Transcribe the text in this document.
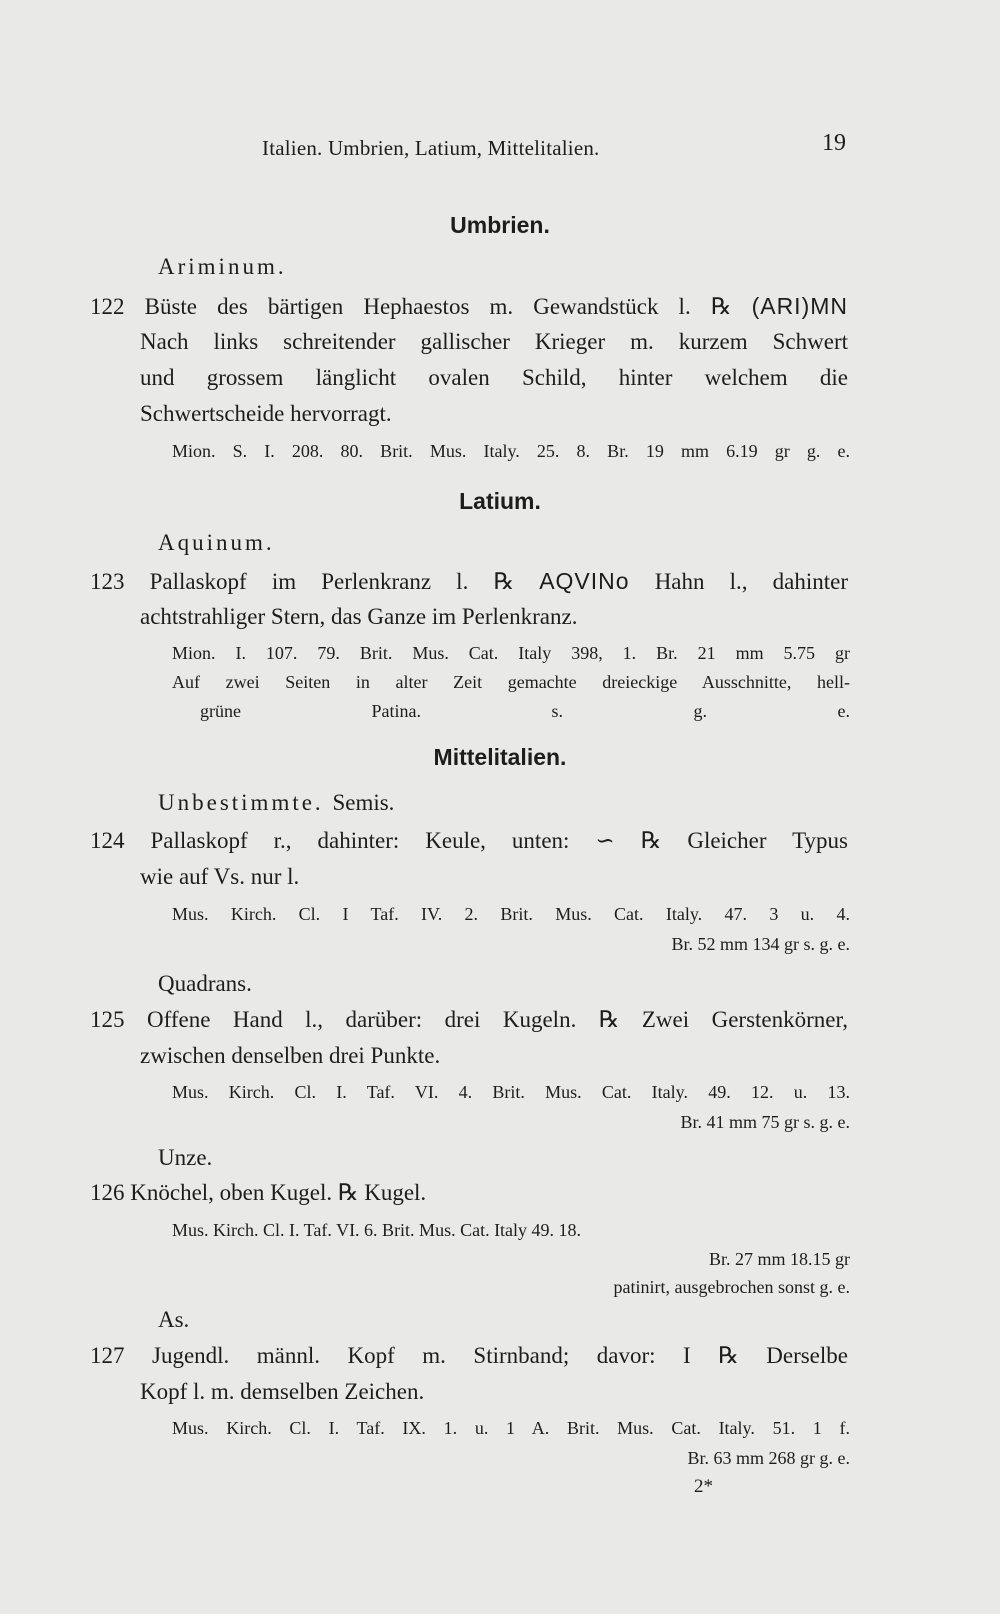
Italien. Umbrien, Latium, Mittelitalien.	19
Umbrien.
Ariminum.
122 Büste des bärtigen Hephaestos m. Gewandstück l. ℞ (ARI)MN
Nach links schreitender gallischer Krieger m. kurzem Schwert
und grossem länglicht ovalen Schild, hinter welchem die
Schwertscheide hervorragt.
Mion. S. I. 208. 80. Brit. Mus. Italy. 25. 8. Br. 19 mm 6.19 gr g. e.
Latium.
Aquinum.
123 Pallaskopf im Perlenkranz l. ℞ AQVINo Hahn l., dahinter
achtstrahliger Stern, das Ganze im Perlenkranz.
Mion. I. 107. 79. Brit. Mus. Cat. Italy 398, 1. Br. 21 mm 5.75 gr
Auf zwei Seiten in alter Zeit gemachte dreieckige Ausschnitte, hell-
grüne Patina.	s. g. e.
Mittelitalien.
Unbestimmte. Semis.
124 Pallaskopf r., dahinter: Keule, unten: ∽ ℞ Gleicher Typus
wie auf Vs. nur l.
Mus. Kirch. Cl. I Taf. IV. 2. Brit. Mus. Cat. Italy. 47. 3 u. 4.
Br. 52 mm 134 gr s. g. e.
Quadrans.
125 Offene Hand l., darüber: drei Kugeln. ℞ Zwei Gerstenkörner,
zwischen denselben drei Punkte.
Mus. Kirch. Cl. I. Taf. VI. 4. Brit. Mus. Cat. Italy. 49. 12. u. 13.
Br. 41 mm 75 gr s. g. e.
Unze.
126 Knöchel, oben Kugel. ℞ Kugel.
Mus. Kirch. Cl. I. Taf. VI. 6. Brit. Mus. Cat. Italy 49. 18.
Br. 27 mm 18.15 gr
patinirt, ausgebrochen sonst g. e.
As.
127 Jugendl. männl. Kopf m. Stirnband; davor: I ℞ Derselbe
Kopf l. m. demselben Zeichen.
Mus. Kirch. Cl. I. Taf. IX. 1. u. 1 A. Brit. Mus. Cat. Italy. 51. 1 f.
Br. 63 mm 268 gr g. e.
2*
